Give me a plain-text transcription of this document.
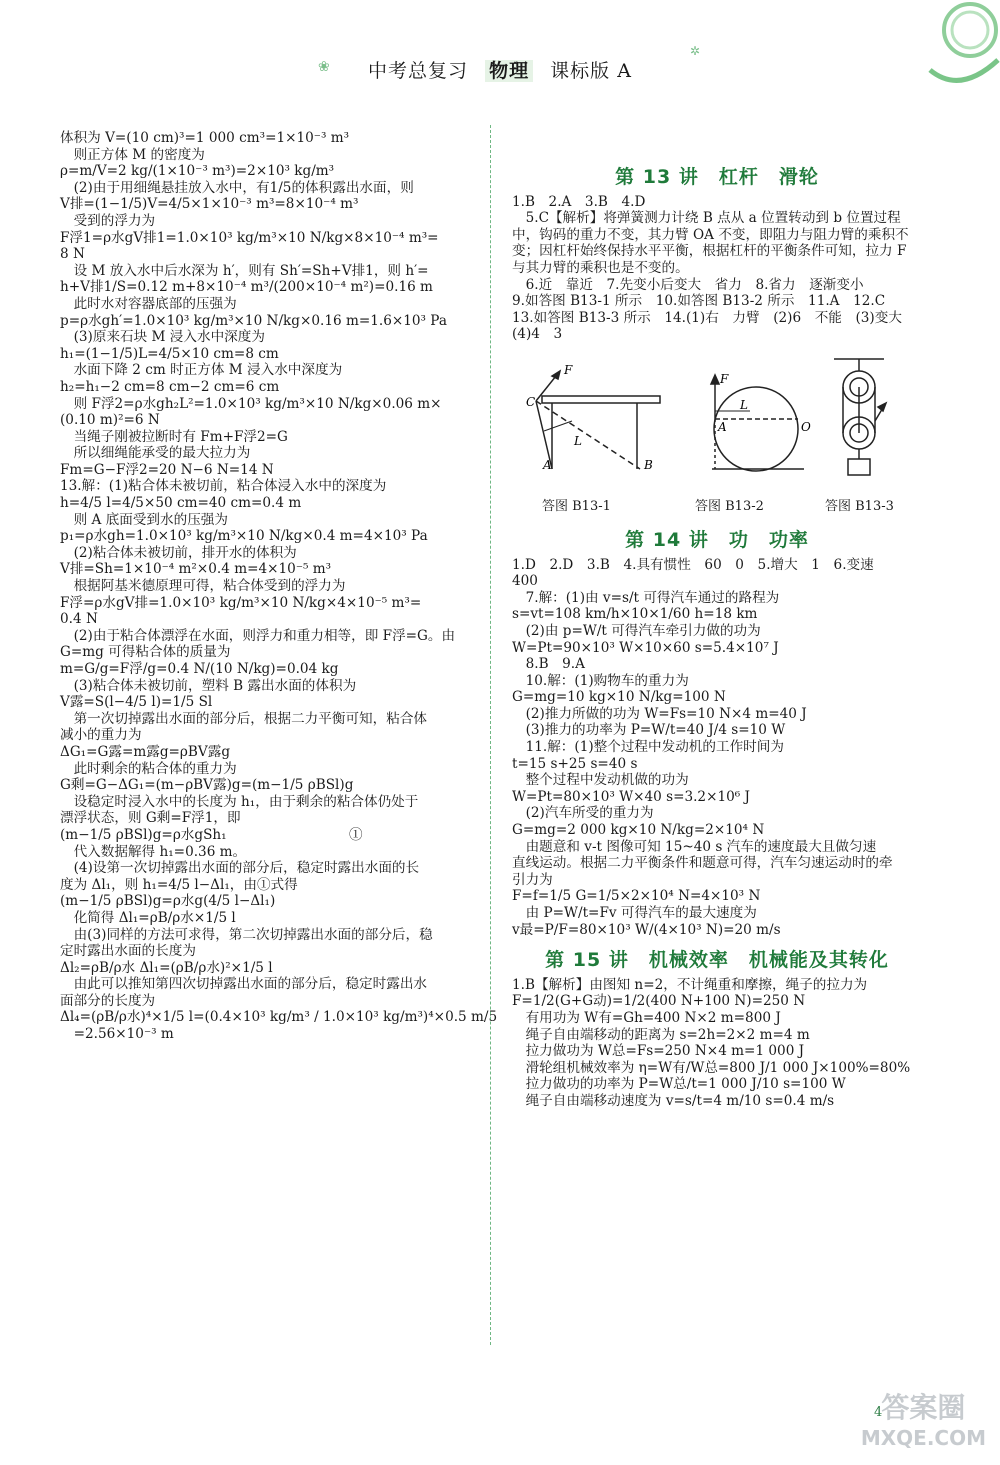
❀
✲
中考总复习 物理 课标版 A

体积为 V=(10 cm)³=1 000 cm³=1×10⁻³ m³

　则正方体 M 的密度为

ρ=m/V=2 kg/(1×10⁻³ m³)=2×10³ kg/m³

　(2)由于用细绳悬挂放入水中，有1/5的体积露出水面，则

V排=(1−1/5)V=4/5×1×10⁻³ m³=8×10⁻⁴ m³

　受到的浮力为

F浮1=ρ水gV排1=1.0×10³ kg/m³×10 N/kg×8×10⁻⁴ m³=

8 N

　设 M 放入水中后水深为 h′，则有 Sh′=Sh+V排1，则 h′=

h+V排1/S=0.12 m+8×10⁻⁴ m³/(200×10⁻⁴ m²)=0.16 m

　此时水对容器底部的压强为

p=ρ水gh′=1.0×10³ kg/m³×10 N/kg×0.16 m=1.6×10³ Pa

　(3)原来石块 M 浸入水中深度为

h₁=(1−1/5)L=4/5×10 cm=8 cm

　水面下降 2 cm 时正方体 M 浸入水中深度为

h₂=h₁−2 cm=8 cm−2 cm=6 cm

　则 F浮2=ρ水gh₂L²=1.0×10³ kg/m³×10 N/kg×0.06 m×

(0.10 m)²=6 N

　当绳子刚被拉断时有 Fm+F浮2=G

　所以细绳能承受的最大拉力为

Fm=G−F浮2=20 N−6 N=14 N

13.解：(1)粘合体未被切前，粘合体浸入水中的深度为

h=4/5 l=4/5×50 cm=40 cm=0.4 m

　则 A 底面受到水的压强为

p₁=ρ水gh=1.0×10³ kg/m³×10 N/kg×0.4 m=4×10³ Pa

　(2)粘合体未被切前，排开水的体积为

V排=Sh=1×10⁻⁴ m²×0.4 m=4×10⁻⁵ m³

　根据阿基米德原理可得，粘合体受到的浮力为

F浮=ρ水gV排=1.0×10³ kg/m³×10 N/kg×4×10⁻⁵ m³=

0.4 N

　(2)由于粘合体漂浮在水面，则浮力和重力相等，即 F浮=G。由

G=mg 可得粘合体的质量为

m=G/g=F浮/g=0.4 N/(10 N/kg)=0.04 kg

　(3)粘合体未被切前，塑料 B 露出水面的体积为

V露=S(l−4/5 l)=1/5 Sl

　第一次切掉露出水面的部分后，根据二力平衡可知，粘合体

减小的重力为

ΔG₁=G露=m露g=ρBV露g

　此时剩余的粘合体的重力为

G剩=G−ΔG₁=(m−ρBV露)g=(m−1/5 ρBSl)g

　设稳定时浸入水中的长度为 h₁，由于剩余的粘合体仍处于

漂浮状态，则 G剩=F浮1，即

(m−1/5 ρBSl)g=ρ水gSh₁　　　　　　　　　①

　代入数据解得 h₁=0.36 m。

　(4)设第一次切掉露出水面的部分后，稳定时露出水面的长

度为 Δl₁，则 h₁=4/5 l−Δl₁，由①式得

(m−1/5 ρBSl)g=ρ水g(4/5 l−Δl₁)

　化简得 Δl₁=ρB/ρ水×1/5 l

　由(3)同样的方法可求得，第二次切掉露出水面的部分后，稳

定时露出水面的长度为

Δl₂=ρB/ρ水 Δl₁=(ρB/ρ水)²×1/5 l

　由此可以推知第四次切掉露出水面的部分后，稳定时露出水

面部分的长度为

Δl₄=(ρB/ρ水)⁴×1/5 l=(0.4×10³ kg/m³ / 1.0×10³ kg/m³)⁴×0.5 m/5

　=2.56×10⁻³ m

第 13 讲　杠杆　滑轮

1.B　2.A　3.B　4.D

　5.C【解析】将弹簧测力计绕 B 点从 a 位置转动到 b 位置过程

中，钩码的重力不变，其力臂 OA 不变，即阻力与阻力臂的乘积不

变；因杠杆始终保持水平平衡，根据杠杆的平衡条件可知，拉力 F

与其力臂的乘积也是不变的。

　6.近　靠近　7.先变小后变大　省力　8.省力　逐渐变小

9.如答图 B13-1 所示　10.如答图 B13-2 所示　11.A　12.C

13.如答图 B13-3 所示　14.(1)右　力臂　(2)6　不能　(3)变大

(4)4　3

F
C
A	B
L
F
A
L
O
答图 B13-1	答图 B13-2	答图 B13-3
第 14 讲　功　功率

1.D　2.D　3.B　4.具有惯性　60　0　5.增大　1　6.变速

400

　7.解：(1)由 v=s/t 可得汽车通过的路程为

s=vt=108 km/h×10×1/60 h=18 km

　(2)由 p=W/t 可得汽车牵引力做的功为

W=Pt=90×10³ W×10×60 s=5.4×10⁷ J

　8.B　9.A

　10.解：(1)购物车的重力为

G=mg=10 kg×10 N/kg=100 N

　(2)推力所做的功为 W=Fs=10 N×4 m=40 J

　(3)推力的功率为 P=W/t=40 J/4 s=10 W

　11.解：(1)整个过程中发动机的工作时间为

t=15 s+25 s=40 s

　整个过程中发动机做的功为

W=Pt=80×10³ W×40 s=3.2×10⁶ J

　(2)汽车所受的重力为

G=mg=2 000 kg×10 N/kg=2×10⁴ N

　由题意和 v-t 图像可知 15~40 s 汽车的速度最大且做匀速

直线运动。根据二力平衡条件和题意可得，汽车匀速运动时的牵

引力为

F=f=1/5 G=1/5×2×10⁴ N=4×10³ N

　由 P=W/t=Fv 可得汽车的最大速度为

v最=P/F=80×10³ W/(4×10³ N)=20 m/s

第 15 讲　机械效率　机械能及其转化

1.B【解析】由图知 n=2，不计绳重和摩擦，绳子的拉力为

F=1/2(G+G动)=1/2(400 N+100 N)=250 N

　有用功为 W有=Gh=400 N×2 m=800 J

　绳子自由端移动的距离为 s=2h=2×2 m=4 m

　拉力做功为 W总=Fs=250 N×4 m=1 000 J

　滑轮组机械效率为 η=W有/W总=800 J/1 000 J×100%=80%

　拉力做功的功率为 P=W总/t=1 000 J/10 s=100 W

　绳子自由端移动速度为 v=s/t=4 m/10 s=0.4 m/s

4 答案圈
MXQE.COM
